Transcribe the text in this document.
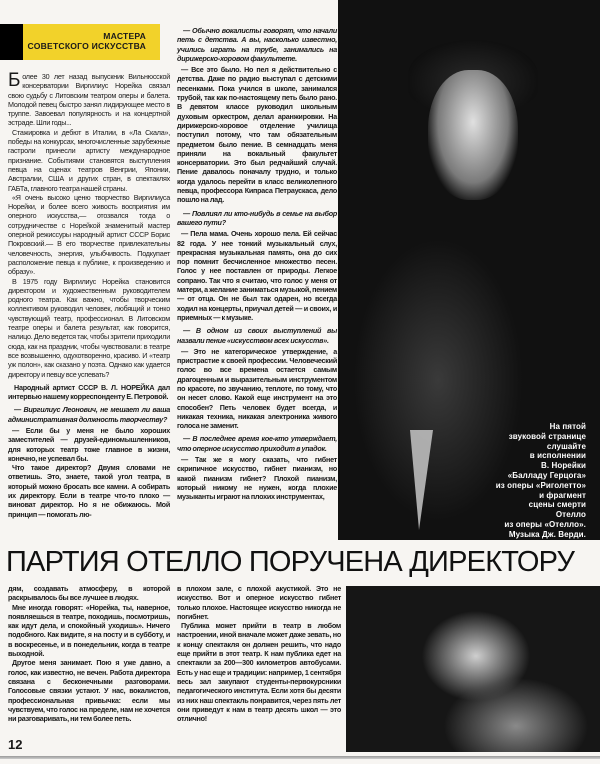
МАСТЕРА
СОВЕТСКОГО ИСКУССТВА

Более 30 лет назад выпускник Вильнюсской консерватории Виргилиус Норейка связал свою судьбу с Литовским театром оперы и балета. Молодой певец быстро занял лидирующее место в труппе. Завоевал популярность и на концертной эстраде. Шли годы...

Стажировка и дебют в Италии, в «Ла Скала», победы на конкурсах, многочисленные зарубежные гастроли принесли артисту международное признание. Событиями становятся выступления певца на сценах театров Венгрии, Японии, Австралии, США и других стран, в спектаклях ГАБТа, главного театра нашей страны.

«Я очень высоко ценю творчество Виргилиуса Норейки, и более всего живость восприятия им оперного искусства,— отозвался тогда о сотрудничестве с Норейкой знаменитый мастер оперной режиссуры народный артист СССР Борис Покровский.— В его творчестве привлекательны человечность, энергия, улыбчивость. Подкупает расположение певца к публике, к произведению и образу».

В 1975 году Виргилиус Норейка становится директором и художественным руководителем родного театра. Как важно, чтобы творческим коллективом руководил человек, любящий и тонко чувствующий театр, профессионал. В Литовском театре оперы и балета результат, как говорится, налицо. Дело ведется так, чтобы зрители приходили сюда, как на праздник, чтобы чувствовали: в театре все возвышенно, одухотворенно, красиво. И «театр уж полон», как сказано у поэта. Однако как удается директору и певцу все успевать?

Народный артист СССР В. Л. НОРЕЙКА дал интервью нашему корреспонденту Е. Петровой.

— Виргилиус Леонович, не мешает ли ваша административная должность творчеству?

— Если бы у меня не было хороших заместителей — друзей-единомышленников, для которых театр тоже главное в жизни, конечно, не успевал бы.

Что такое директор? Двумя словами не ответишь. Это, знаете, такой угол театра, в который можно бросать все камни. А собирать их директору. Если в театре что-то плохо — виноват директор. Но я не обижаюсь. Мой принцип — помогать лю-

— Обычно вокалисты говорят, что начали петь с детства. А вы, насколько известно, учились играть на трубе, занимались на дирижерско-хоровом факультете.

— Все это было. Но пел я действительно с детства. Даже по радио выступал с детскими песенками. Пока учился в школе, занимался трубой, так как по-настоящему петь было рано. В девятом классе руководил школьным духовым оркестром, делал аранжировки. На дирижерско-хоровое отделение училища поступил потому, что там обязательным предметом было пение. В семнадцать меня приняли на вокальный факультет консерватории. Это был редчайший случай. Пение давалось поначалу трудно, и только когда удалось перейти в класс великолепного певца, профессора Кипраса Петраускаса, дело пошло на лад.

— Повлиял ли кто-нибудь в семье на выбор вашего пути?

— Пела мама. Очень хорошо пела. Ей сейчас 82 года. У нее тонкий музыкальный слух, прекрасная музыкальная память, она до сих пор помнит бесчисленное множество песен. Голос у нее поставлен от природы. Легкое сопрано. Так что я считаю, что голос у меня от матери, а желание заниматься музыкой, пением — от отца. Он не был так одарен, но всегда ходил на концерты, приучал детей — и своих, и приемных — к музыке.

— В одном из своих выступлений вы назвали пение «искусством всех искусств».

— Это не категорическое утверждение, а пристрастие к своей профессии. Человеческий голос во все времена остается самым драгоценным и выразительным инструментом по красоте, по звучанию, теплоте, по тому, что он несет слово. Какой еще инструмент на это способен? Петь человек будет всегда, и никакая техника, никакая электроника живого голоса не заменит.

— В последнее время кое-кто утверждает, что оперное искусство приходит в упадок.

— Так же я могу сказать, что гибнет скрипичное искусство, гибнет пианизм, но какой пианизм гибнет? Плохой пианизм, который никому не нужен, когда плохие музыканты играют на плохих инструментах,

На пятой
звуковой странице
слушайте
в исполнении
В. Норейки
«Балладу Герцога»
из оперы «Риголетто»
и фрагмент
сцены смерти
Отелло
из оперы «Отелло».
Музыка Дж. Верди.
ПАРТИЯ ОТЕЛЛО ПОРУЧЕНА ДИРЕКТОРУ

дям, создавать атмосферу, в которой раскрывалось бы все лучшее в людях.

Мне иногда говорят: «Норейка, ты, наверное, появляешься в театре, походишь, посмотришь, как идут дела, и спокойный уходишь». Ничего подобного. Как видите, я на посту и в субботу, и в воскресенье, и в понедельник, когда в театре выходной.

Другое меня занимает. Пою я уже давно, а голос, как известно, не вечен. Работа директора связана с бесконечными разговорами. Голосовые связки устают. У нас, вокалистов, профессиональная привычка: если мы чувствуем, что голос на пределе, нам не хочется ни разговаривать, ни тем более петь.

в плохом зале, с плохой акустикой. Это не искусство. Вот и оперное искусство гибнет только плохое. Настоящее искусство никогда не погибнет.

Публика может прийти в театр в любом настроении, иной вначале может даже зевать, но к концу спектакля он должен решить, что надо еще прийти в этот театр. К нам публика едет на спектакли за 200—300 километров автобусами. Есть у нас еще и традиции: например, 1 сентября весь зал закупают студенты-первокурсники педагогического института. Если хотя бы десяти из них наш спектакль понравится, через пять лет они приведут к нам в театр десять школ — это отлично!

12
